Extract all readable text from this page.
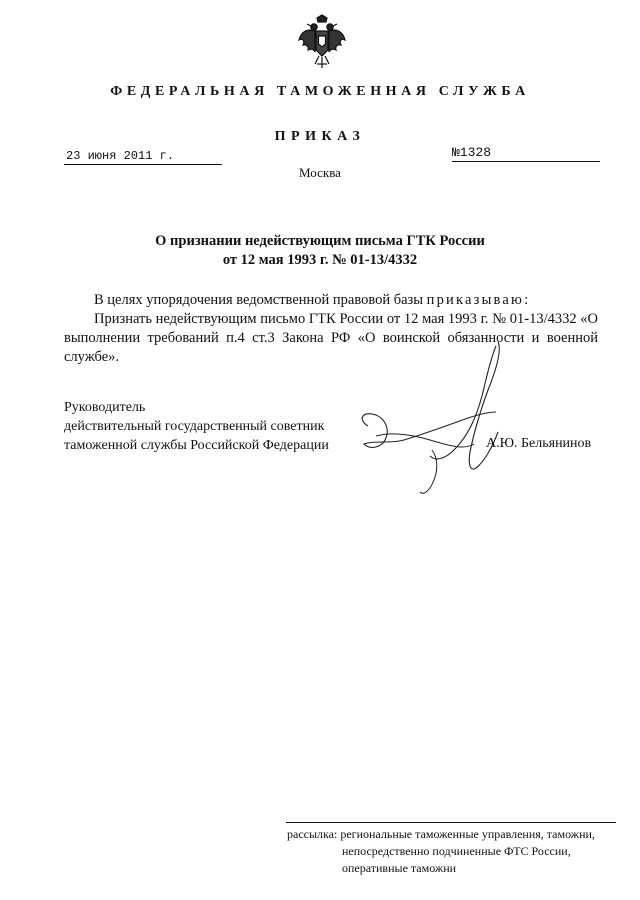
ФЕДЕРАЛЬНАЯ ТАМОЖЕННАЯ СЛУЖБА
ПРИКАЗ
23 июня 2011 г.	№1328
Москва
О признании недействующим письма ГТК России
от 12 мая 1993 г. № 01-13/4332

В целях упорядочения ведомственной правовой базы приказываю:

Признать недействующим письмо ГТК России от 12 мая 1993 г. № 01-13/4332 «О выполнении требований п.4 ст.3 Закона РФ «О воинской обязанности и военной службе».

Руководитель
действительный государственный советник
таможенной службы Российской Федерации	А.Ю. Бельянинов
рассылка: региональные таможенные управления, таможни,
непосредственно подчиненные ФТС России,
оперативные таможни
